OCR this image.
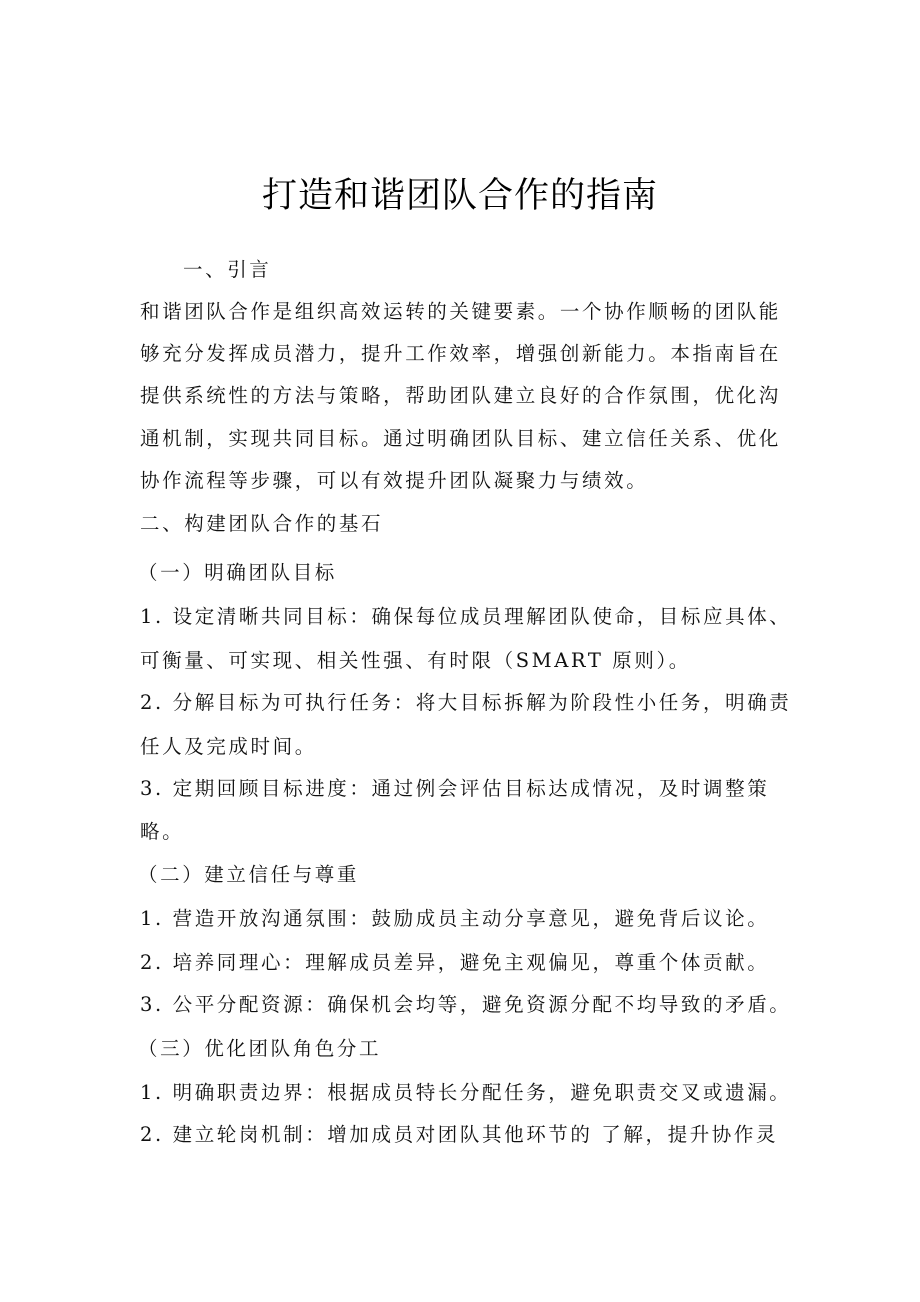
打造和谐团队合作的指南
一、引言
和谐团队合作是组织高效运转的关键要素。一个协作顺畅的团队能
够充分发挥成员潜力，提升工作效率，增强创新能力。本指南旨在
提供系统性的方法与策略，帮助团队建立良好的合作氛围，优化沟
通机制，实现共同目标。通过明确团队目标、建立信任关系、优化
协作流程等步骤，可以有效提升团队凝聚力与绩效。
二、构建团队合作的基石
（一）明确团队目标
1. 设定清晰共同目标：确保每位成员理解团队使命，目标应具体、
可衡量、可实现、相关性强、有时限（SMART 原则）。
2. 分解目标为可执行任务：将大目标拆解为阶段性小任务，明确责
任人及完成时间。
3. 定期回顾目标进度：通过例会评估目标达成情况，及时调整策
略。
（二）建立信任与尊重
1. 营造开放沟通氛围：鼓励成员主动分享意见，避免背后议论。
2. 培养同理心：理解成员差异，避免主观偏见，尊重个体贡献。
3. 公平分配资源：确保机会均等，避免资源分配不均导致的矛盾。
（三）优化团队角色分工
1. 明确职责边界：根据成员特长分配任务，避免职责交叉或遗漏。
2. 建立轮岗机制：增加成员对团队其他环节的 了解，提升协作灵
